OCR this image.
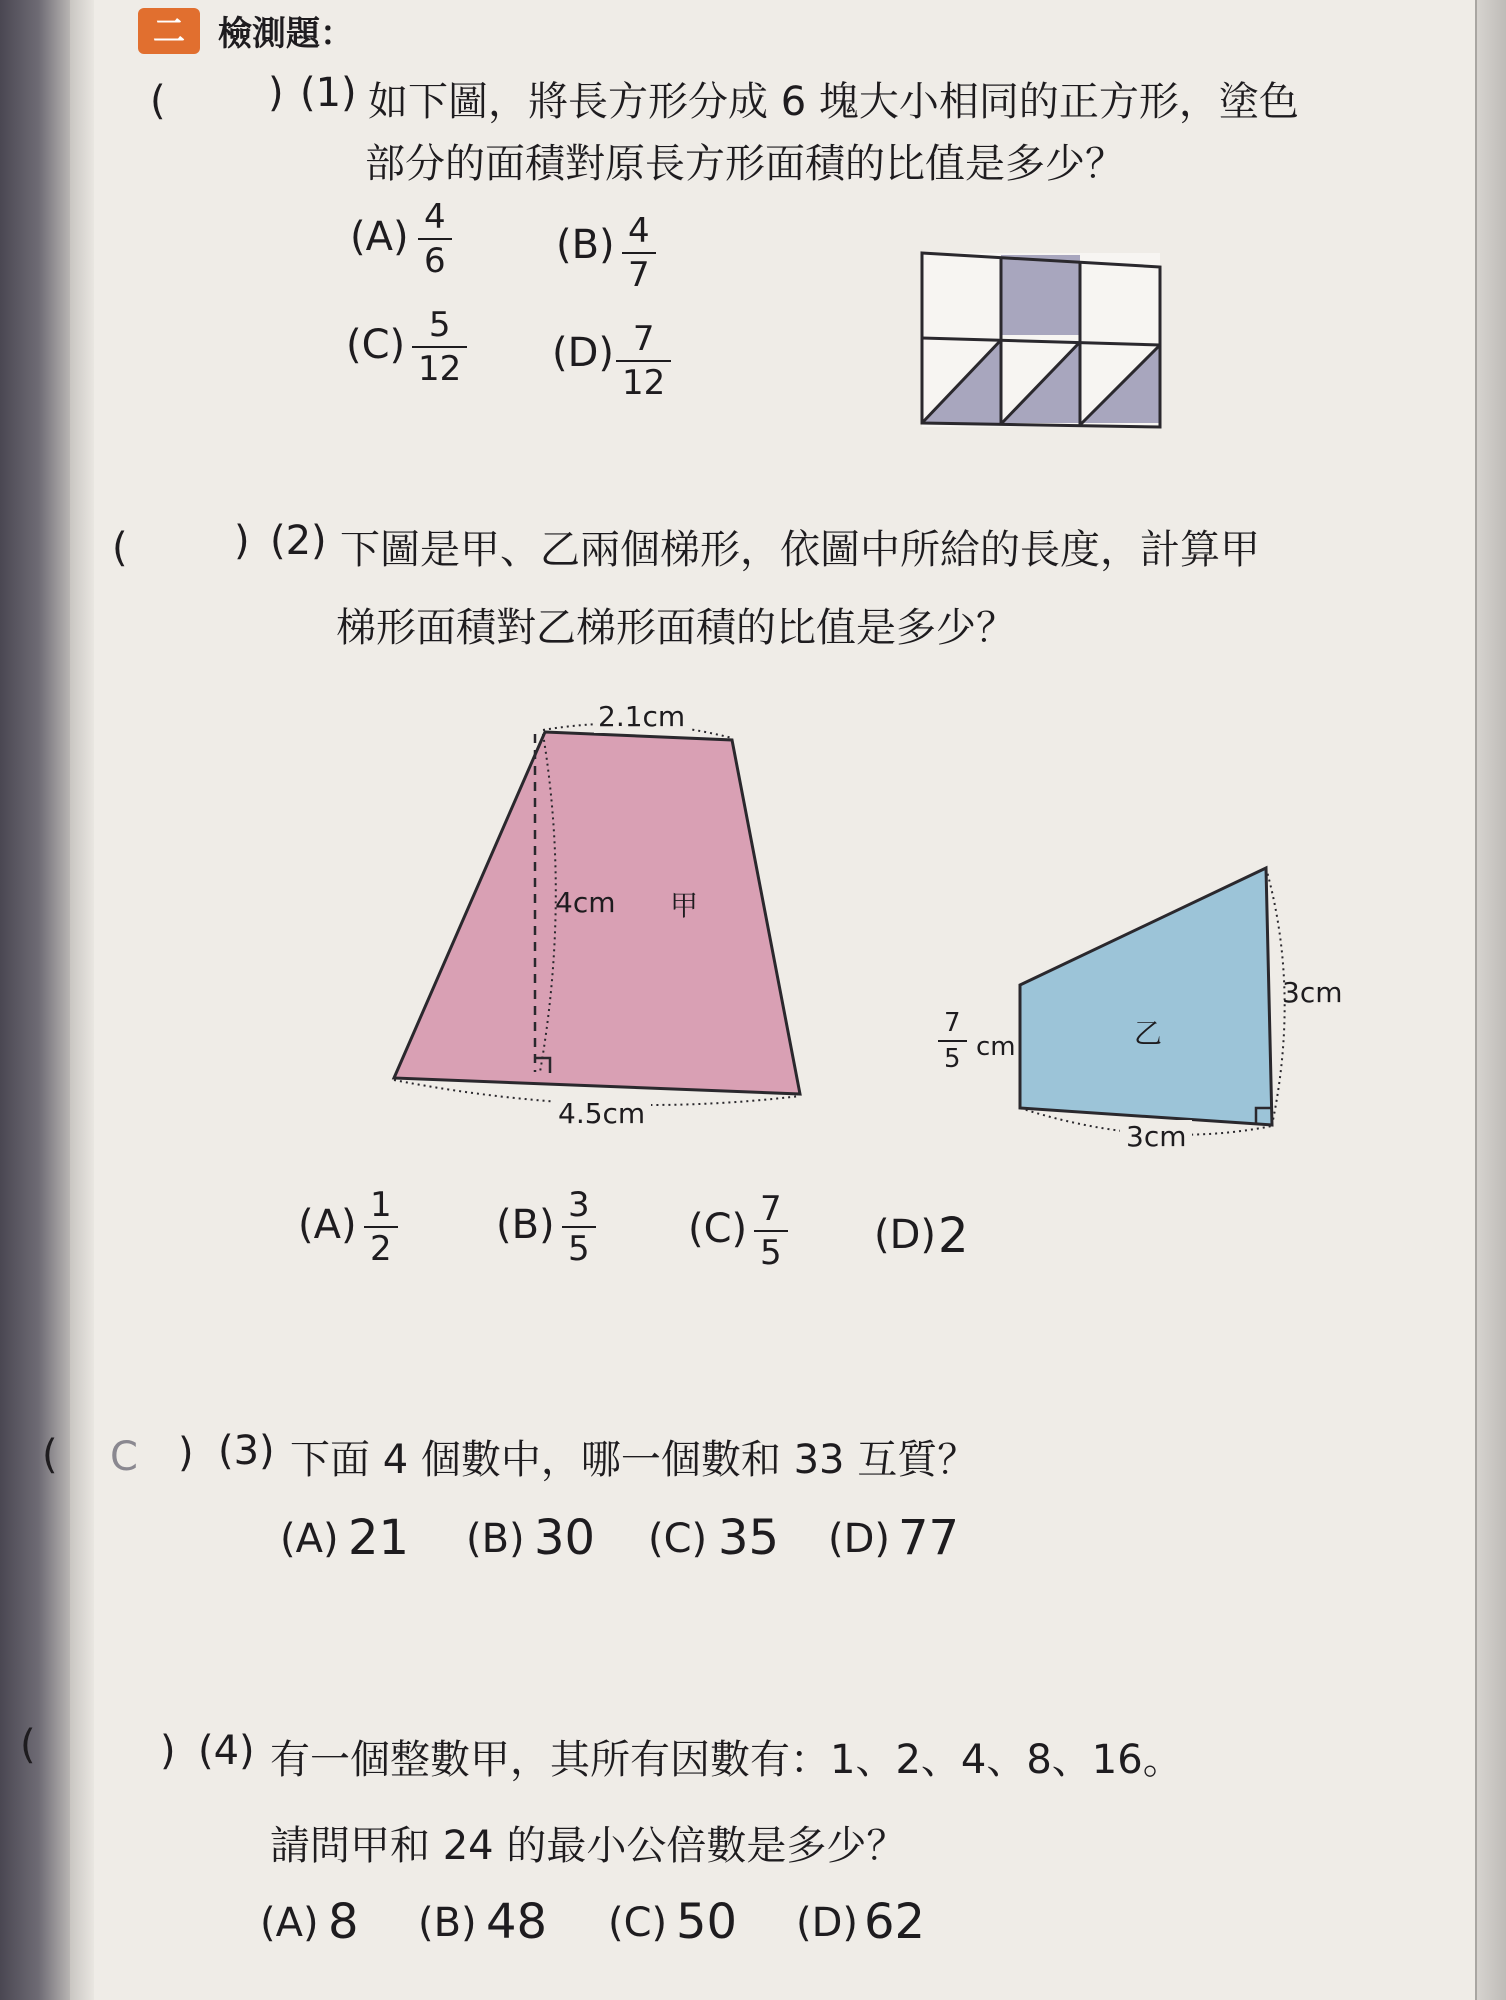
二 檢測題：
(	) (1) 如下圖，將長方形分成 6 塊大小相同的正方形，塗色
部分的面積對原長方形面積的比值是多少？
$(A) \frac{4}{6}$	$(B) \frac{4}{7}$
$(C) \frac{5}{12} (D) \frac{7}{12}$
(	) (2) 下圖是甲、乙兩個梯形，依圖中所給的長度，計算甲
梯形面積對乙梯形面積的比值是多少？
2.1cm
4cm 甲
4.5cm
$\frac{7}{5}$ cm
3cm
乙
3cm
$(A) \frac{1}{2} (B) \frac{3}{5} (C) \frac{7}{5} (D)$ 2
( C ) (3) 下面 4 個數中，哪一個數和 33 互質？
(A) 21 (B) 30 (C) 35 (D) 77
(	) (4) 有一個整數甲，其所有因數有：1、2、4、8、16。
請問甲和 24 的最小公倍數是多少？
(A) 8 (B) 48 (C) 50 (D) 62
